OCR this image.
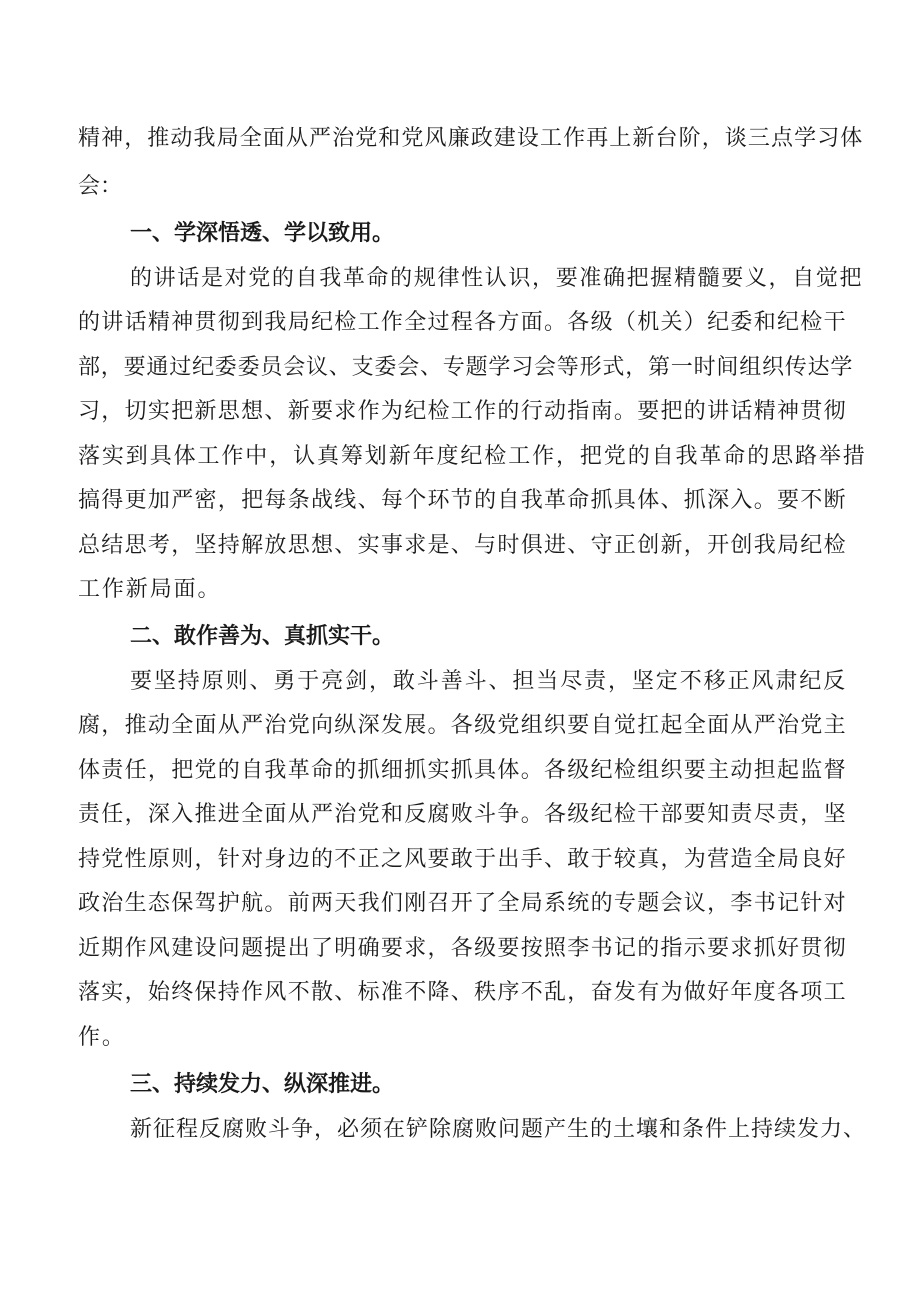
精神，推动我局全面从严治党和党风廉政建设工作再上新台阶，谈三点学习体
会：
一、学深悟透、学以致用。
的讲话是对党的自我革命的规律性认识，要准确把握精髓要义，自觉把
的讲话精神贯彻到我局纪检工作全过程各方面。各级（机关）纪委和纪检干
部，要通过纪委委员会议、支委会、专题学习会等形式，第一时间组织传达学
习，切实把新思想、新要求作为纪检工作的行动指南。要把的讲话精神贯彻
落实到具体工作中，认真筹划新年度纪检工作，把党的自我革命的思路举措
搞得更加严密，把每条战线、每个环节的自我革命抓具体、抓深入。要不断
总结思考，坚持解放思想、实事求是、与时俱进、守正创新，开创我局纪检
工作新局面。
二、敢作善为、真抓实干。
要坚持原则、勇于亮剑，敢斗善斗、担当尽责，坚定不移正风肃纪反
腐，推动全面从严治党向纵深发展。各级党组织要自觉扛起全面从严治党主
体责任，把党的自我革命的抓细抓实抓具体。各级纪检组织要主动担起监督
责任，深入推进全面从严治党和反腐败斗争。各级纪检干部要知责尽责，坚
持党性原则，针对身边的不正之风要敢于出手、敢于较真，为营造全局良好
政治生态保驾护航。前两天我们刚召开了全局系统的专题会议，李书记针对
近期作风建设问题提出了明确要求，各级要按照李书记的指示要求抓好贯彻
落实，始终保持作风不散、标准不降、秩序不乱，奋发有为做好年度各项工
作。
三、持续发力、纵深推进。
新征程反腐败斗争，必须在铲除腐败问题产生的土壤和条件上持续发力、
